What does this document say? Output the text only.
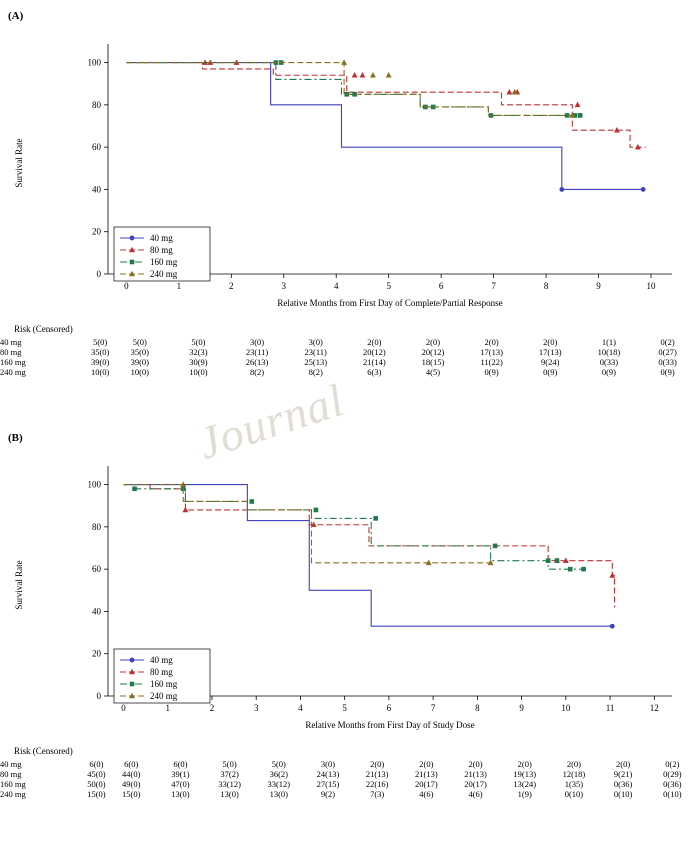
(A)
0	1	2	3	4	5	6	7	8	9	10
0
20
40
60
80
100
Relative Months from First Day of Complete/Partial Response
Survival Rate
40 mg
80 mg
160 mg
240 mg
Risk (Censored)
40 mg	5(0)	5(0)	5(0)	3(0)	3(0)	2(0)	2(0)	2(0)	2(0)	1(1)	0(2)
80 mg	35(0)	35(0)	32(3)	23(11)	23(11)	20(12)	20(12)	17(13)	17(13)	10(18)	0(27)
160 mg	39(0)	39(0)	30(9)	26(13)	25(13)	21(14)	18(15)	11(22)	9(24)	0(33)	0(33)
240 mg	10(0)	10(0)	10(0)	8(2)	8(2)	6(3)	4(5)	0(9)	0(9)	0(9)	0(9)
(B)
0	1	2	3	4	5	6	7	8	9	10	11	12
0
20
40
60
80
100
Relative Months from First Day of Study Dose
Survival Rate
40 mg
80 mg
160 mg
240 mg
Risk (Censored)
40 mg	6(0)	6(0)	6(0)	5(0)	5(0)	3(0)	2(0)	2(0)	2(0)	2(0)	2(0)	2(0)	0(2)
80 mg	45(0)	44(0)	39(1)	37(2)	36(2)	24(13)	21(13)	21(13)	21(13)	19(13)	12(18)	9(21)	0(29)
160 mg	50(0)	49(0)	47(0)	33(12)	33(12)	27(15)	22(16)	20(17)	20(17)	13(24)	1(35)	0(36)	0(36)
240 mg	15(0)	15(0)	13(0)	13(0)	13(0)	9(2)	7(3)	4(6)	4(6)	1(9)	0(10)	0(10)	0(10)
Journal
